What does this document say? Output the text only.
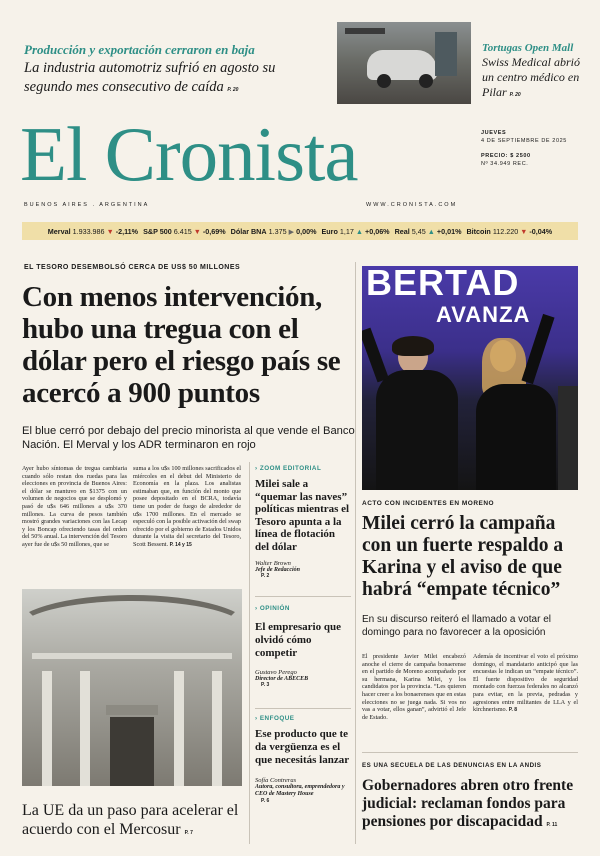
Producción y exportación cerraron en baja
La industria automotriz sufrió en agosto su segundo mes consecutivo de caída P. 20
Tortugas Open Mall
Swiss Medical abrió un centro médico en Pilar P. 20
El Cronista	JUEVES
4 DE SEPTIEMBRE DE 2025
PRECIO: $ 2500
Nº 34.949 REC.
BUENOS AIRES . ARGENTINA	WWW.CRONISTA.COM
Merval 1.933.986 ▼ -2,11% S&P 500 6.415 ▼ -0,69% Dólar BNA 1.375 ▶ 0,00% Euro 1,17 ▲ +0,06% Real 5,45 ▲ +0,01% Bitcoin 112.220 ▼ -0,04%
EL TESORO DESEMBOLSÓ CERCA DE US$ 50 MILLONES
Con menos intervención, hubo una tregua con el dólar pero el riesgo país se acercó a 900 puntos
El blue cerró por debajo del precio minorista al que vende el Banco Nación. El Merval y los ADR terminaron en rojo
Ayer hubo síntomas de tregua cambiaria cuando sólo restan dos ruedas para las elecciones en provincia de Buenos Aires: el dólar se mantuvo en $1375 con un volumen de negocios que se desplomó y pasó de u$s 646 millones a u$s 370 millones. La curva de pesos también mostró grandes variaciones con las Lecap y los Boncap ofreciendo tasas del orden del 50% anual. La intervención del Tesoro ayer fue de u$s 50 millones, que se
suma a los u$s 100 millones sacrificados el miércoles en el debut del Ministerio de Economía en la plaza. Los analistas estimaban que, en función del monto que posee depositado en el BCRA, todavía tiene un poder de fuego de alrededor de u$s 1700 millones. En el mercado se especuló con la posible activación del swap ofrecido por el gobierno de Estados Unidos durante la visita del secretario del Tesoro, Scott Bessent. P. 14 y 15
La UE da un paso para acelerar el acuerdo con el Mercosur P. 7
› ZOOM EDITORIAL
Milei sale a “quemar las naves” políticas mientras el Tesoro apunta a la línea de flotación del dólar
Walter Brown
Jefe de Redacción
P. 2
› OPINIÓN
El empresario que olvidó cómo competir
Gustavo Perego
Director de ABECEB
P. 3
› ENFOQUE
Ese producto que te da vergüenza es el que necesitás lanzar
Sofía Contreras
Autora, consultora, emprendedora y CEO de Mastery House
P. 6
BERTAD
AVANZA
ACTO CON INCIDENTES EN MORENO
Milei cerró la campaña con un fuerte respaldo a Karina y el aviso de que habrá “empate técnico”
En su discurso reiteró el llamado a votar el domingo para no favorecer a la oposición
El presidente Javier Milei encabezó anoche el cierre de campaña bonaerense en el partido de Moreno acompañado por su hermana, Karina Milei, y los candidatos por la provincia. “Les quieren hacer creer a los bonaerenses que en estas elecciones no se juega nada. Si vos no vas a votar, ellos ganan”, advirtió el Jefe de Estado.
Además de incentivar el voto el próximo domingo, el mandatario anticipó que las encuestas le indican un “empate técnico”. El fuerte dispositivo de seguridad montado con fuerzas federales no alcanzó para evitar, en la previa, pedradas y agresiones entre militantes de LLA y el kirchnerismo. P. 8
ES UNA SECUELA DE LAS DENUNCIAS EN LA ANDIS
Gobernadores abren otro frente judicial: reclaman fondos para pensiones por discapacidad P. 11
